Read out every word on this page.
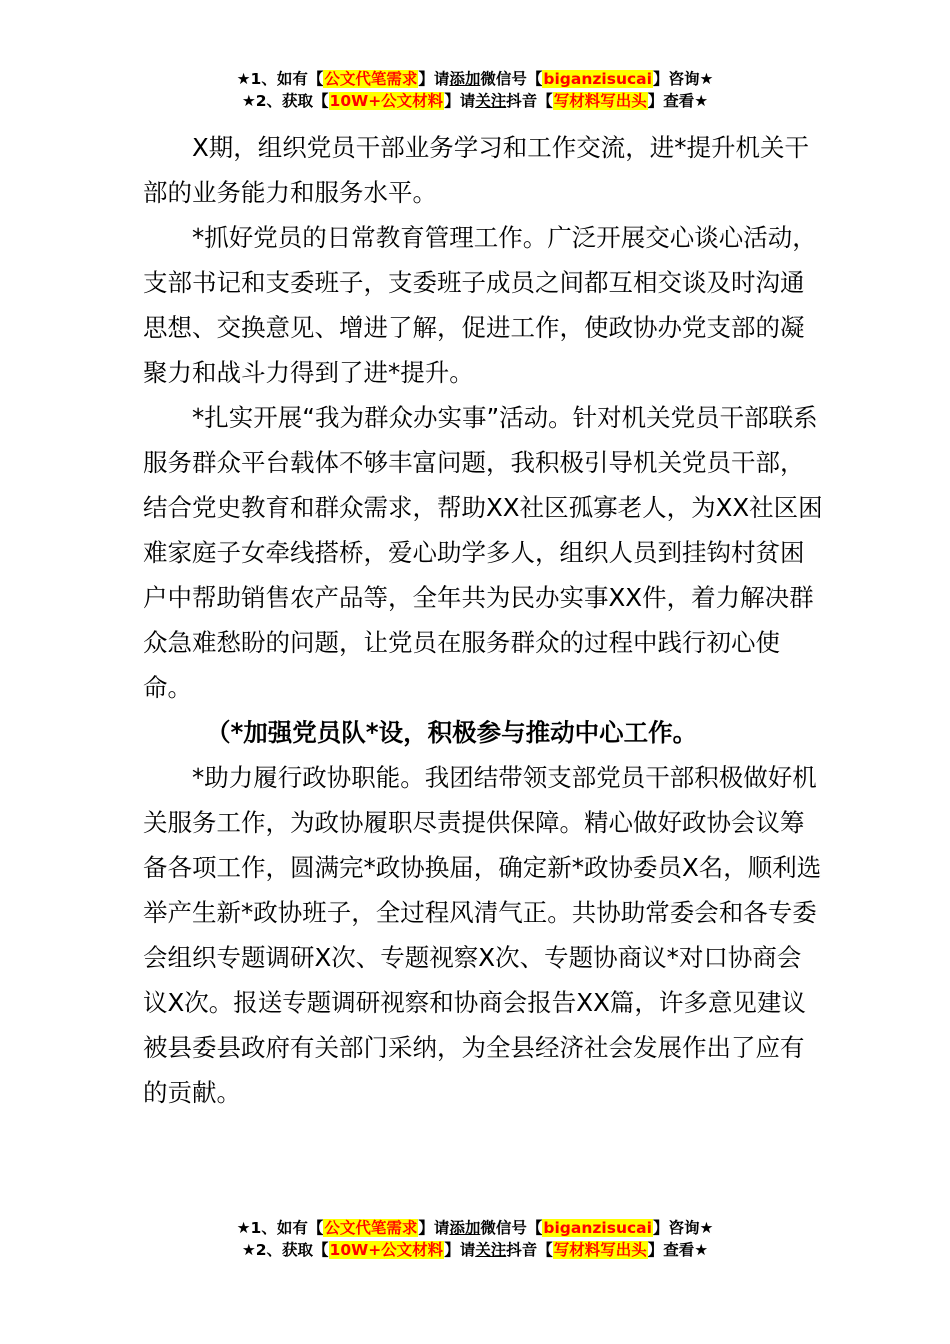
★1、如有【公文代笔需求】请添加微信号【biganzisucai】咨询★
★2、获取【10W+公文材料】请关注抖音【写材料写出头】查看★

X期，组织党员干部业务学习和工作交流，进*提升机关干部的业务能力和服务水平。

*抓好党员的日常教育管理工作。广泛开展交心谈心活动，支部书记和支委班子，支委班子成员之间都互相交谈及时沟通思想、交换意见、增进了解，促进工作，使政协办党支部的凝聚力和战斗力得到了进*提升。

*扎实开展“我为群众办实事”活动。针对机关党员干部联系服务群众平台载体不够丰富问题，我积极引导机关党员干部，结合党史教育和群众需求，帮助XX社区孤寡老人，为XX社区困难家庭子女牵线搭桥，爱心助学多人，组织人员到挂钩村贫困户中帮助销售农产品等，全年共为民办实事XX件，着力解决群众急难愁盼的问题，让党员在服务群众的过程中践行初心使命。

（*加强党员队*设，积极参与推动中心工作。

*助力履行政协职能。我团结带领支部党员干部积极做好机关服务工作，为政协履职尽责提供保障。精心做好政协会议筹备各项工作，圆满完*政协换届，确定新*政协委员X名，顺利选举产生新*政协班子，全过程风清气正。共协助常委会和各专委会组织专题调研X次、专题视察X次、专题协商议*对口协商会议X次。报送专题调研视察和协商会报告XX篇，许多意见建议被县委县政府有关部门采纳，为全县经济社会发展作出了应有的贡献。

★1、如有【公文代笔需求】请添加微信号【biganzisucai】咨询★
★2、获取【10W+公文材料】请关注抖音【写材料写出头】查看★
